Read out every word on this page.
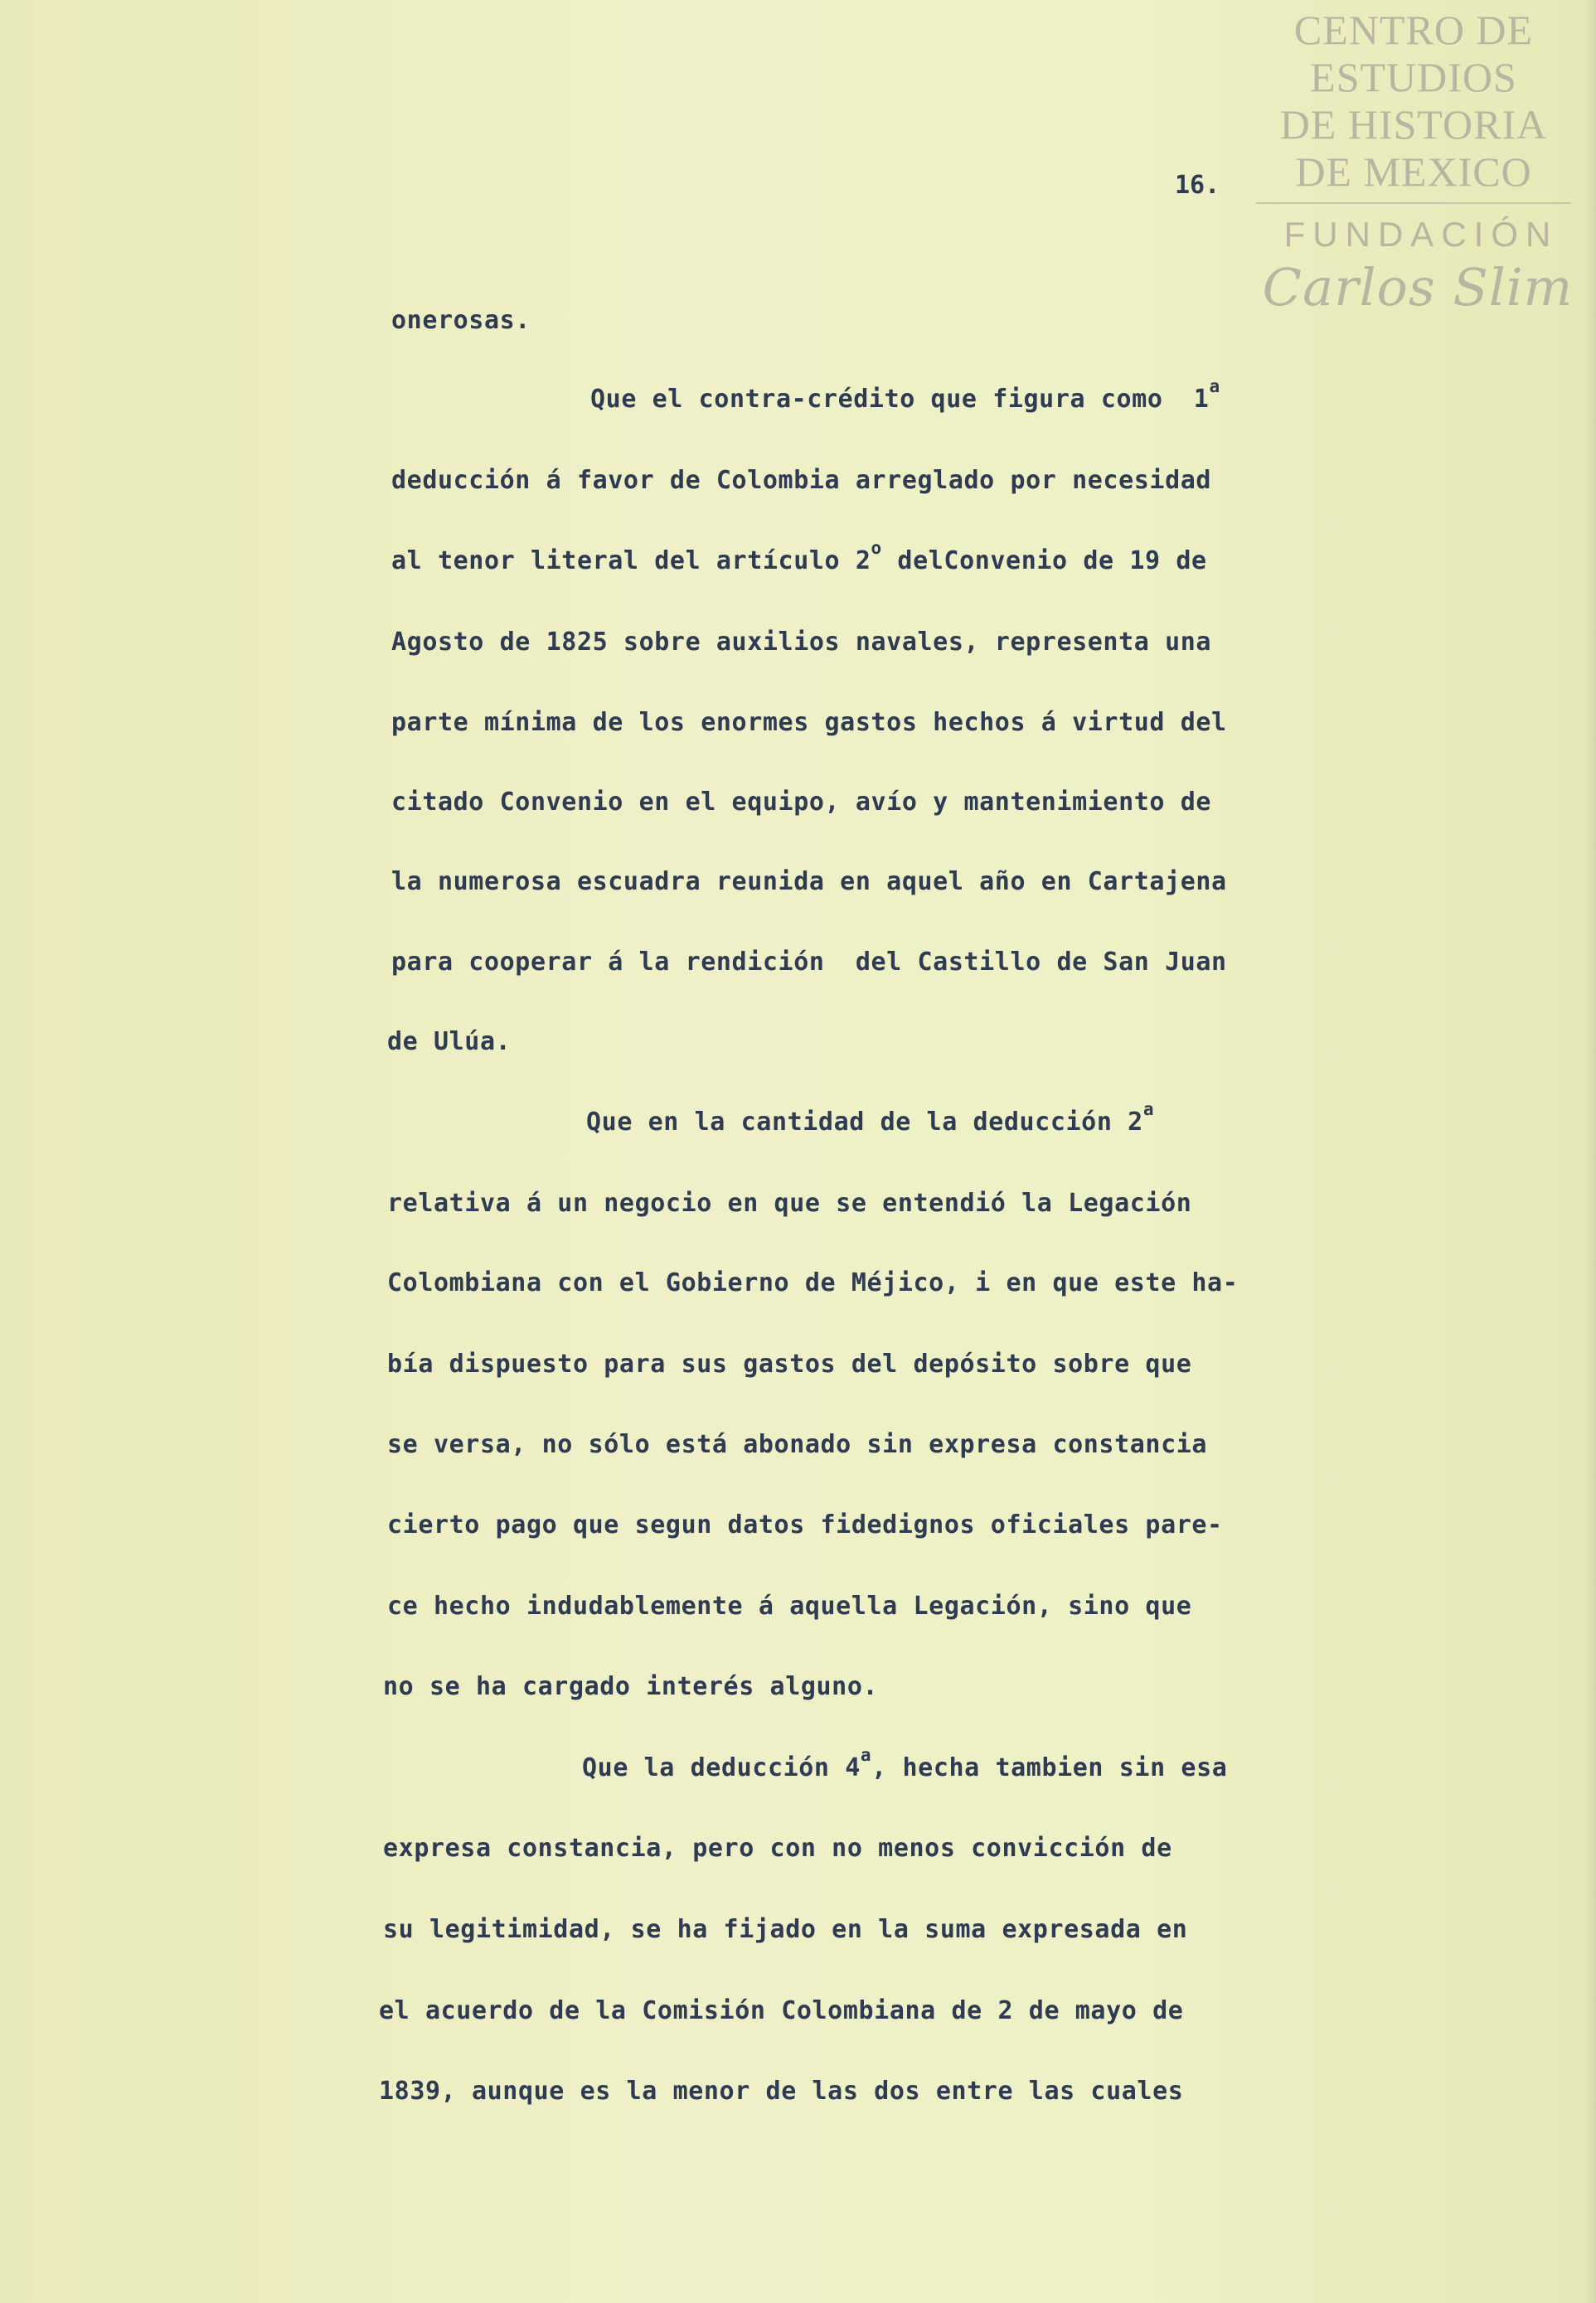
CENTRO DE
ESTUDIOS
DE HISTORIA
DE MEXICO
FUNDACIÓN
Carlos Slim
16.
onerosas.
Que el contra-crédito que figura como  1$^a$
deducción á favor de Colombia arreglado por necesidad
al tenor literal del artículo 2$^o$ delConvenio de 19 de
Agosto de 1825 sobre auxilios navales, representa una
parte mínima de los enormes gastos hechos á virtud del
citado Convenio en el equipo, avío y mantenimiento de
la numerosa escuadra reunida en aquel año en Cartajena
para cooperar á la rendición  del Castillo de San Juan
de Ulúa.
Que en la cantidad de la deducción 2$^a$
relativa á un negocio en que se entendió la Legación
Colombiana con el Gobierno de Méjico, i en que este ha-
bía dispuesto para sus gastos del depósito sobre que
se versa, no sólo está abonado sin expresa constancia
cierto pago que segun datos fidedignos oficiales pare-
ce hecho indudablemente á aquella Legación, sino que
no se ha cargado interés alguno.
Que la deducción 4$^a$, hecha tambien sin esa
expresa constancia, pero con no menos convicción de
su legitimidad, se ha fijado en la suma expresada en
el acuerdo de la Comisión Colombiana de 2 de mayo de
1839, aunque es la menor de las dos entre las cuales
